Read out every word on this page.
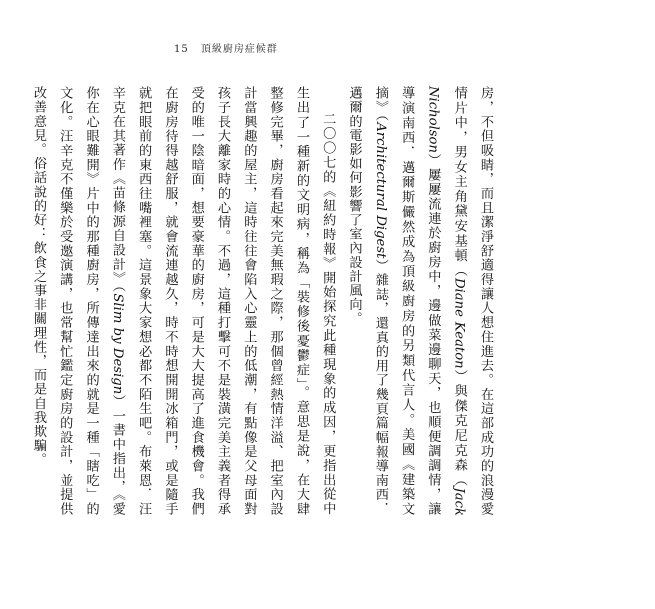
15 頂級廚房症候群

房，不但吸睛，而且潔淨舒適得讓人想住進去。在這部成功的浪漫愛情片中，男女主角黛安基頓（Diane Keaton）與傑克尼克森（Jack Nicholson）屢屢流連於廚房中，邊做菜邊聊天，也順便調調情，讓導演南西．邁爾斯儼然成為頂級廚房的另類代言人。美國《建築文摘》（Architectural Digest）雜誌，還真的用了幾頁篇幅報導南西．邁爾的電影如何影響了室內設計風向。

二〇〇七的《紐約時報》開始探究此種現象的成因，更指出從中生出了一種新的文明病，稱為「裝修後憂鬱症」。意思是說，在大肆整修完畢，廚房看起來完美無瑕之際，那個曾經熱情洋溢、把室內設計當興趣的屋主，這時往往會陷入心靈上的低潮，有點像是父母面對孩子長大離家時的心情。不過，這種打擊可不是裝潢完美主義者得承受的唯一陰暗面，想要豪華的廚房，可是大大提高了進食機會。我們在廚房待得越舒服，就會流連越久，時不時想開開冰箱門，或是隨手就把眼前的東西往嘴裡塞。這景象大家想必都不陌生吧。布萊恩．汪辛克在其著作《苗條源自設計》（Slim by Design）一書中指出，《愛你在心眼難開》片中的那種廚房，所傳達出來的就是一種「瞎吃」的文化。汪辛克不僅樂於受邀演講，也常幫忙鑑定廚房的設計，並提供改善意見。俗話說的好：飲食之事非關理性，而是自我欺騙。
